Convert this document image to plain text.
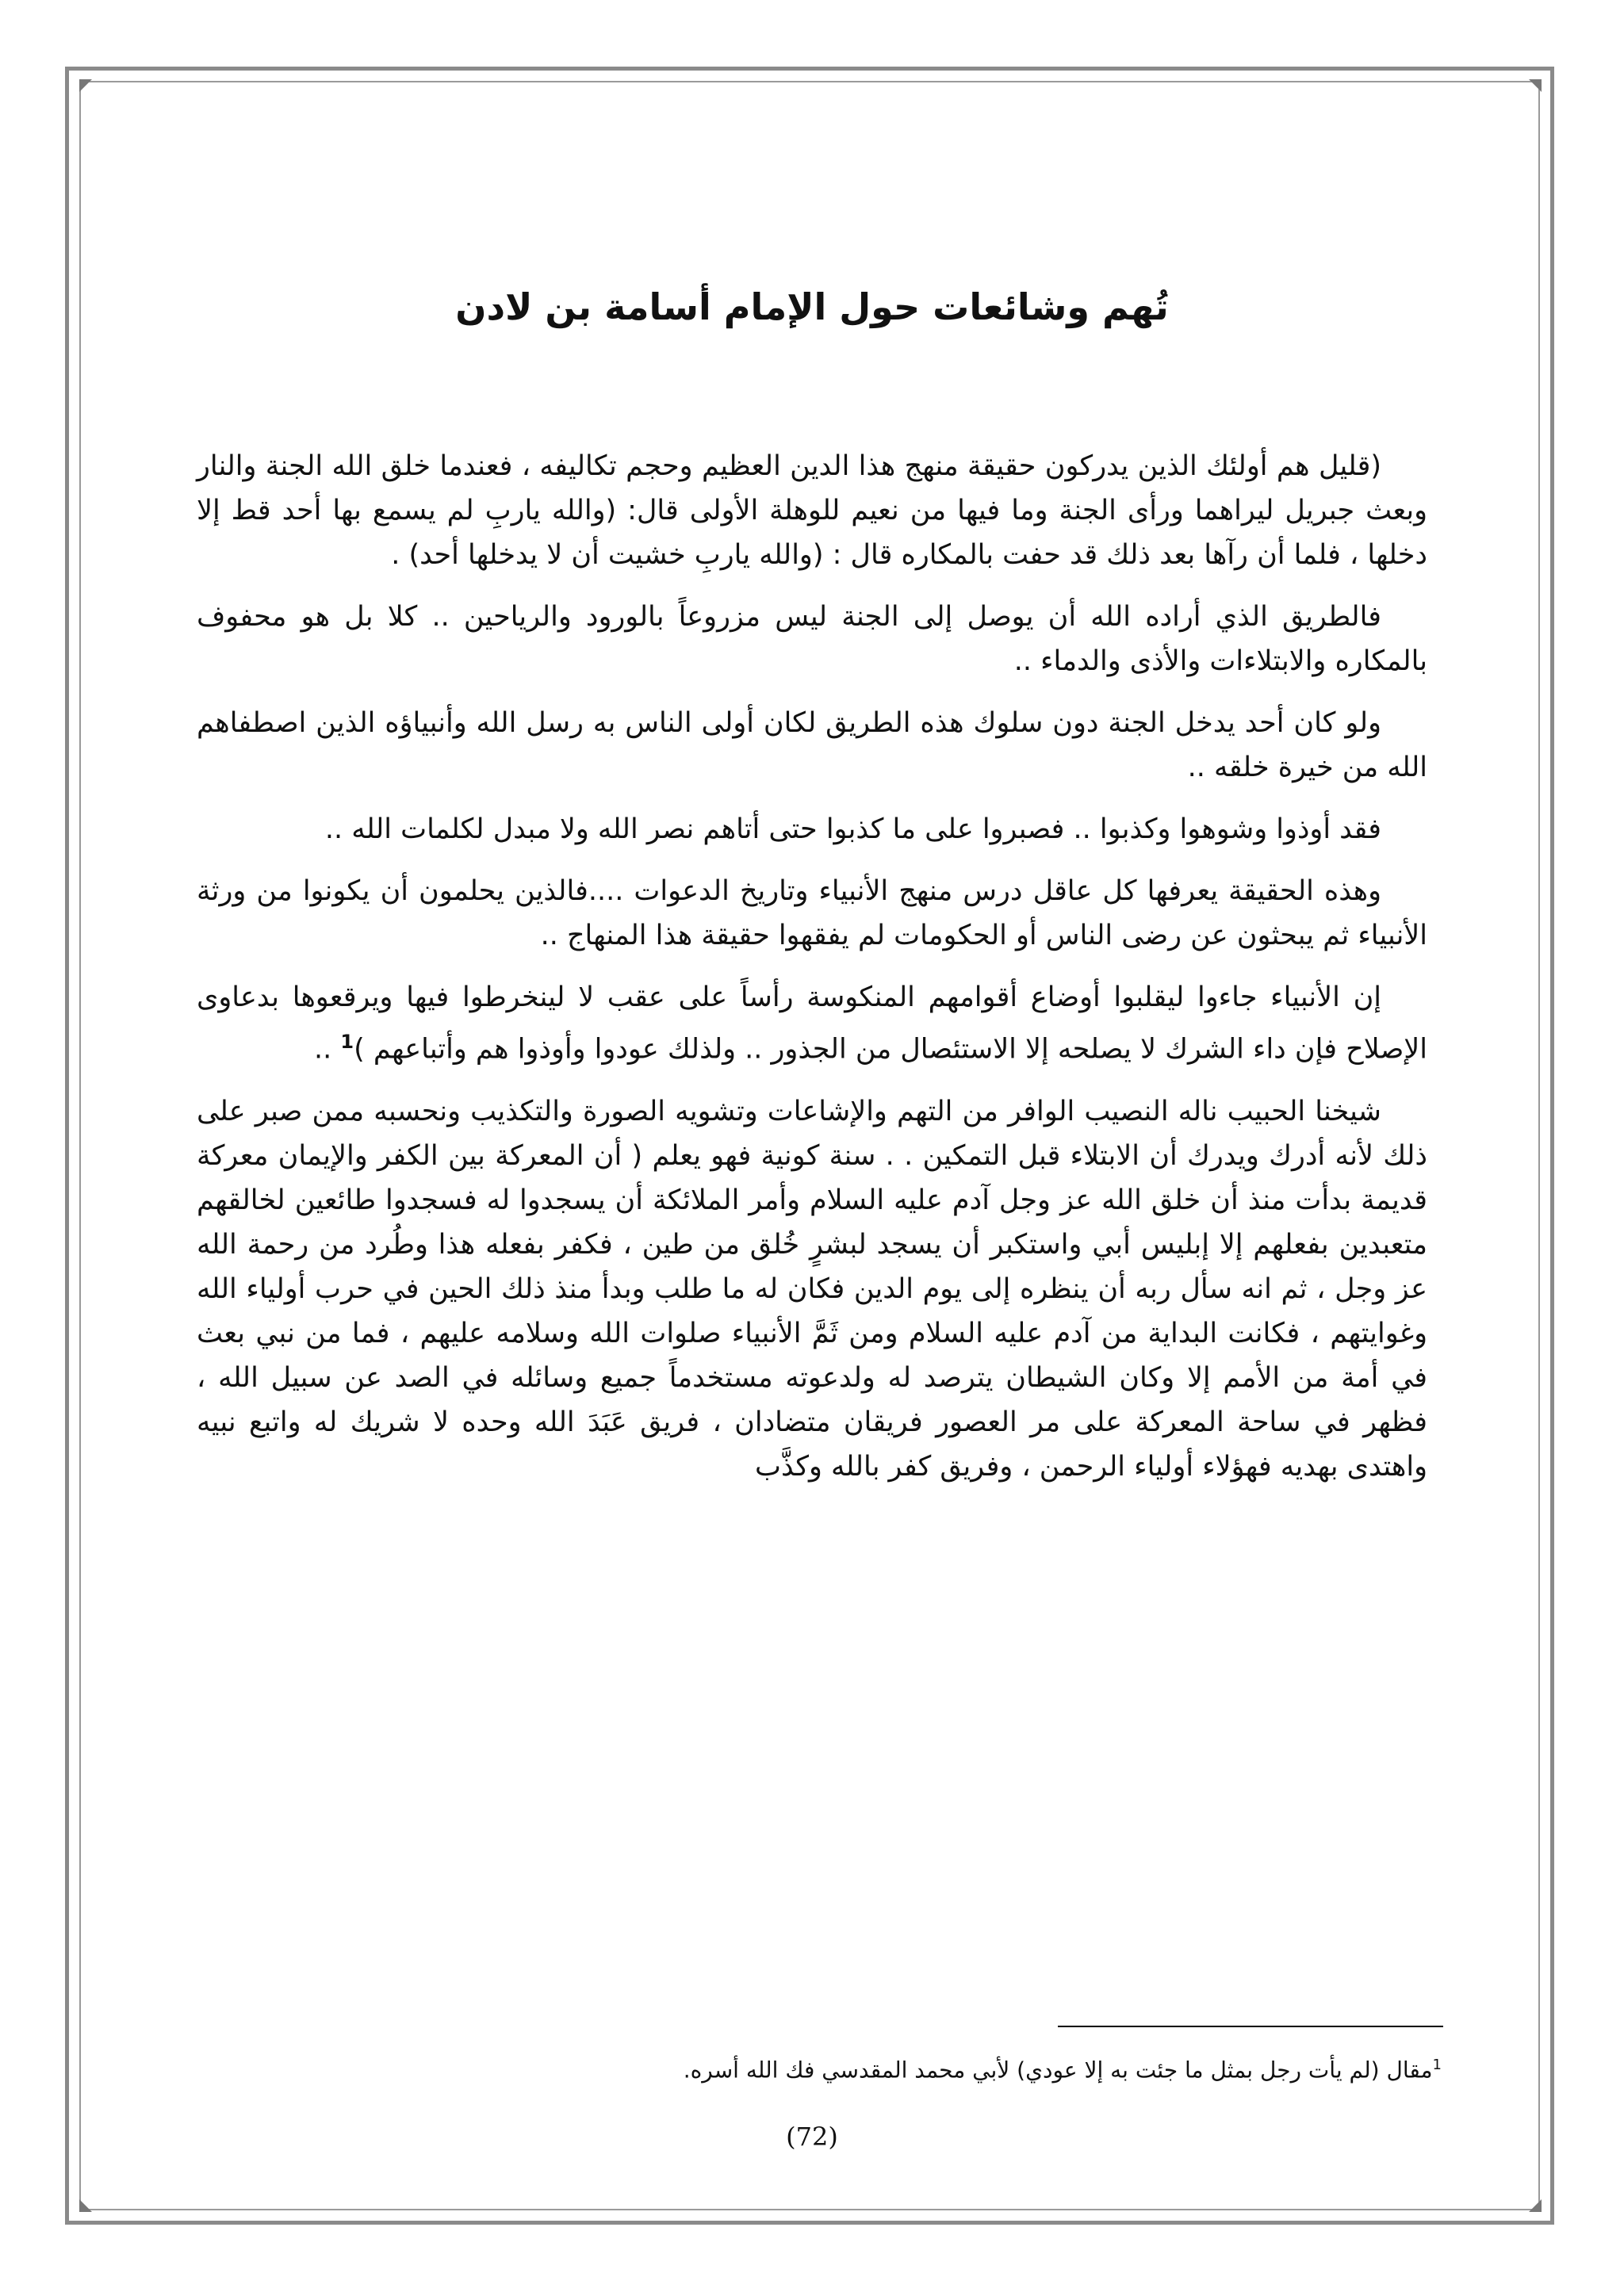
تُهم وشائعات حول الإمام أسامة بن لادن

(قليل هم أولئك الذين يدركون حقيقة منهج هذا الدين العظيم وحجم تكاليفه ، فعندما خلق الله الجنة والنار وبعث جبريل ليراهما ورأى الجنة وما فيها من نعيم للوهلة الأولى قال: (والله ياربِ لم يسمع بها أحد قط إلا دخلها ، فلما أن رآها بعد ذلك قد حفت بالمكاره قال : (والله ياربِ خشيت أن لا يدخلها أحد) .

فالطريق الذي أراده الله أن يوصل إلى الجنة ليس مزروعاً بالورود والرياحين .. كلا بل هو محفوف بالمكاره والابتلاءات والأذى والدماء ..

ولو كان أحد يدخل الجنة دون سلوك هذه الطريق لكان أولى الناس به رسل الله وأنبياؤه الذين اصطفاهم الله من خيرة خلقه ..

فقد أوذوا وشوهوا وكذبوا .. فصبروا على ما كذبوا حتى أتاهم نصر الله ولا مبدل لكلمات الله ..

وهذه الحقيقة يعرفها كل عاقل درس منهج الأنبياء وتاريخ الدعوات ....فالذين يحلمون أن يكونوا من ورثة الأنبياء ثم يبحثون عن رضى الناس أو الحكومات لم يفقهوا حقيقة هذا المنهاج ..

إن الأنبياء جاءوا ليقلبوا أوضاع أقوامهم المنكوسة رأساً على عقب لا لينخرطوا فيها ويرقعوها بدعاوى الإصلاح فإن داء الشرك لا يصلحه إلا الاستئصال من الجذور .. ولذلك عودوا وأوذوا هم وأتباعهم )$^1$ ..

شيخنا الحبيب ناله النصيب الوافر من التهم والإشاعات وتشويه الصورة والتكذيب ونحسبه ممن صبر على ذلك لأنه أدرك ويدرك أن الابتلاء قبل التمكين . . سنة كونية فهو يعلم ( أن المعركة بين الكفر والإيمان معركة قديمة بدأت منذ أن خلق الله عز وجل آدم عليه السلام وأمر الملائكة أن يسجدوا له فسجدوا طائعين لخالقهم متعبدين بفعلهم إلا إبليس أبي واستكبر أن يسجد لبشرٍ خُلق من طين ، فكفر بفعله هذا وطُرد من رحمة الله عز وجل ، ثم انه سأل ربه أن ينظره إلى يوم الدين فكان له ما طلب وبدأ منذ ذلك الحين في حرب أولياء الله وغوايتهم ، فكانت البداية من آدم عليه السلام ومن ثَمَّ الأنبياء صلوات الله وسلامه عليهم ، فما من نبي بعث في أمة من الأمم إلا وكان الشيطان يترصد له ولدعوته مستخدماً جميع وسائله في الصد عن سبيل الله ، فظهر في ساحة المعركة على مر العصور فريقان متضادان ، فريق عَبَدَ الله وحده لا شريك له واتبع نبيه واهتدى بهديه فهؤلاء أولياء الرحمن ، وفريق كفر بالله وكذَّب

$^1$مقال (لم يأت رجل بمثل ما جئت به إلا عودي) لأبي محمد المقدسي فك الله أسره.
(72)
